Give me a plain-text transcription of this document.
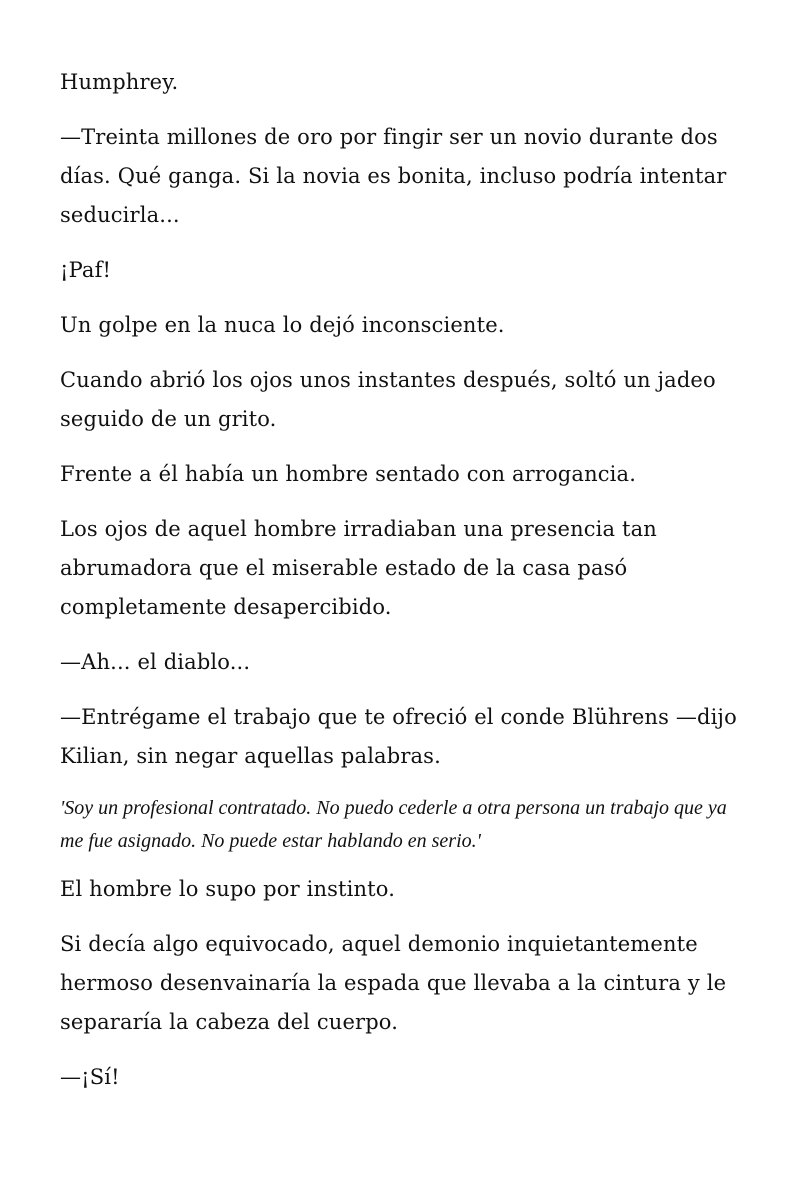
Humphrey.

—Treinta millones de oro por fingir ser un novio durante dos días. Qué ganga. Si la novia es bonita, incluso podría intentar seducirla...

¡Paf!

Un golpe en la nuca lo dejó inconsciente.

Cuando abrió los ojos unos instantes después, soltó un jadeo seguido de un grito.

Frente a él había un hombre sentado con arrogancia.

Los ojos de aquel hombre irradiaban una presencia tan abrumadora que el miserable estado de la casa pasó completamente desapercibido.

—Ah... el diablo...

—Entrégame el trabajo que te ofreció el conde Blührens —dijo Kilian, sin negar aquellas palabras.

'Soy un profesional contratado. No puedo cederle a otra persona un trabajo que ya me fue asignado. No puede estar hablando en serio.'

El hombre lo supo por instinto.

Si decía algo equivocado, aquel demonio inquietantemente hermoso desenvainaría la espada que llevaba a la cintura y le separaría la cabeza del cuerpo.

—¡Sí!
